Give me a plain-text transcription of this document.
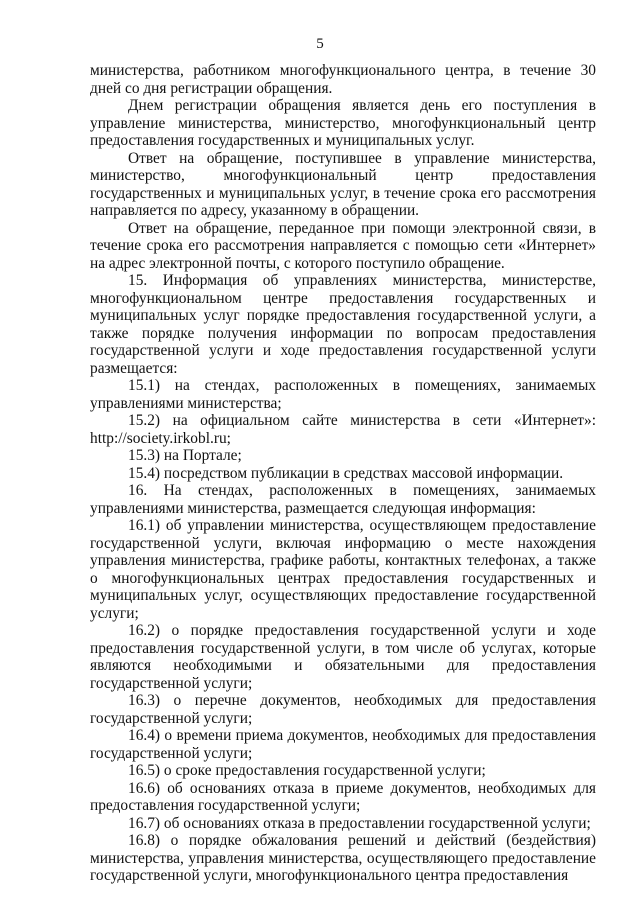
5

министерства, работником многофункционального центра, в течение 30 дней со дня регистрации обращения.

Днем регистрации обращения является день его поступления в управление министерства, министерство, многофункциональный центр предоставления государственных и муниципальных услуг.

Ответ на обращение, поступившее в управление министерства, министерство, многофункциональный центр предоставления государственных и муниципальных услуг, в течение срока его рассмотрения направляется по адресу, указанному в обращении.

Ответ на обращение, переданное при помощи электронной связи, в течение срока его рассмотрения направляется с помощью сети «Интернет» на адрес электронной почты, с которого поступило обращение.

15. Информация об управлениях министерства, министерстве, многофункциональном центре предоставления государственных и муниципальных услуг порядке предоставления государственной услуги, а также порядке получения информации по вопросам предоставления государственной услуги и ходе предоставления государственной услуги размещается:

15.1) на стендах, расположенных в помещениях, занимаемых управлениями министерства;

15.2) на официальном сайте министерства в сети «Интернет»: http://society.irkobl.ru;

15.3) на Портале;

15.4) посредством публикации в средствах массовой информации.

16. На стендах, расположенных в помещениях, занимаемых управлениями министерства, размещается следующая информация:

16.1) об управлении министерства, осуществляющем предоставление государственной услуги, включая информацию о месте нахождения управления министерства, графике работы, контактных телефонах, а также о многофункциональных центрах предоставления государственных и муниципальных услуг, осуществляющих предоставление государственной услуги;

16.2) о порядке предоставления государственной услуги и ходе предоставления государственной услуги, в том числе об услугах, которые являются необходимыми и обязательными для предоставления государственной услуги;

16.3) о перечне документов, необходимых для предоставления государственной услуги;

16.4) о времени приема документов, необходимых для предоставления государственной услуги;

16.5) о сроке предоставления государственной услуги;

16.6) об основаниях отказа в приеме документов, необходимых для предоставления государственной услуги;

16.7) об основаниях отказа в предоставлении государственной услуги;

16.8) о порядке обжалования решений и действий (бездействия) министерства, управления министерства, осуществляющего предоставление государственной услуги, многофункционального центра предоставления
